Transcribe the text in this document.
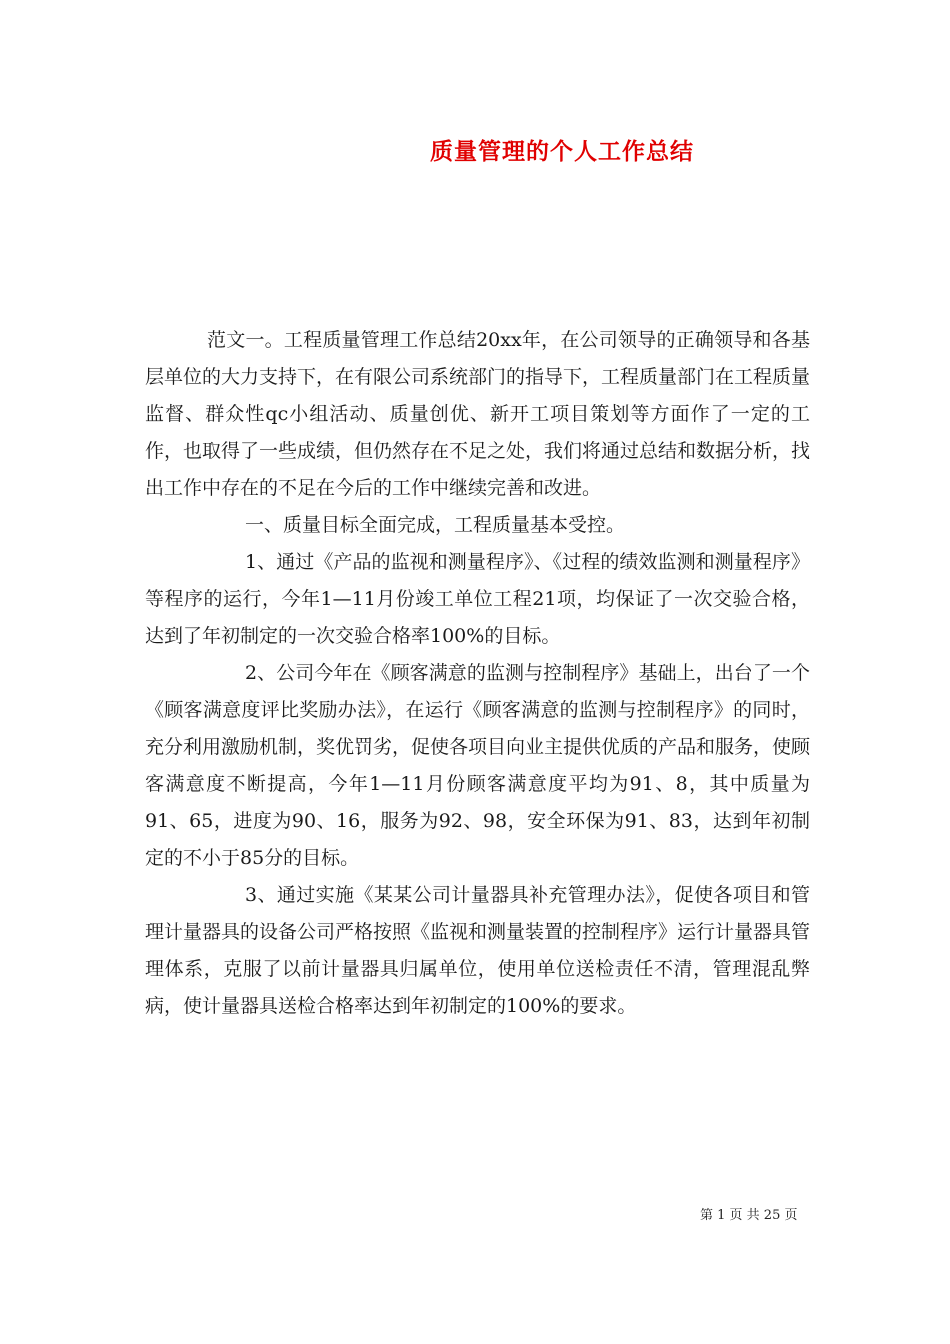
质量管理的个人工作总结

范文一。工程质量管理工作总结20xx年，在公司领导的正确领导和各基层单位的大力支持下，在有限公司系统部门的指导下，工程质量部门在工程质量监督、群众性qc小组活动、质量创优、新开工项目策划等方面作了一定的工作，也取得了一些成绩，但仍然存在不足之处，我们将通过总结和数据分析，找出工作中存在的不足在今后的工作中继续完善和改进。

一、质量目标全面完成，工程质量基本受控。

1、通过《产品的监视和测量程序》、《过程的绩效监测和测量程序》等程序的运行，今年1—11月份竣工单位工程21项，均保证了一次交验合格，达到了年初制定的一次交验合格率100%的目标。

2、公司今年在《顾客满意的监测与控制程序》基础上，出台了一个《顾客满意度评比奖励办法》，在运行《顾客满意的监测与控制程序》的同时，充分利用激励机制，奖优罚劣，促使各项目向业主提供优质的产品和服务，使顾客满意度不断提高，今年1—11月份顾客满意度平均为91、8，其中质量为91、65，进度为90、16，服务为92、98，安全环保为91、83，达到年初制定的不小于85分的目标。

3、通过实施《某某公司计量器具补充管理办法》，促使各项目和管理计量器具的设备公司严格按照《监视和测量装置的控制程序》运行计量器具管理体系，克服了以前计量器具归属单位，使用单位送检责任不清，管理混乱弊病，使计量器具送检合格率达到年初制定的100%的要求。

第 1 页 共 25 页
